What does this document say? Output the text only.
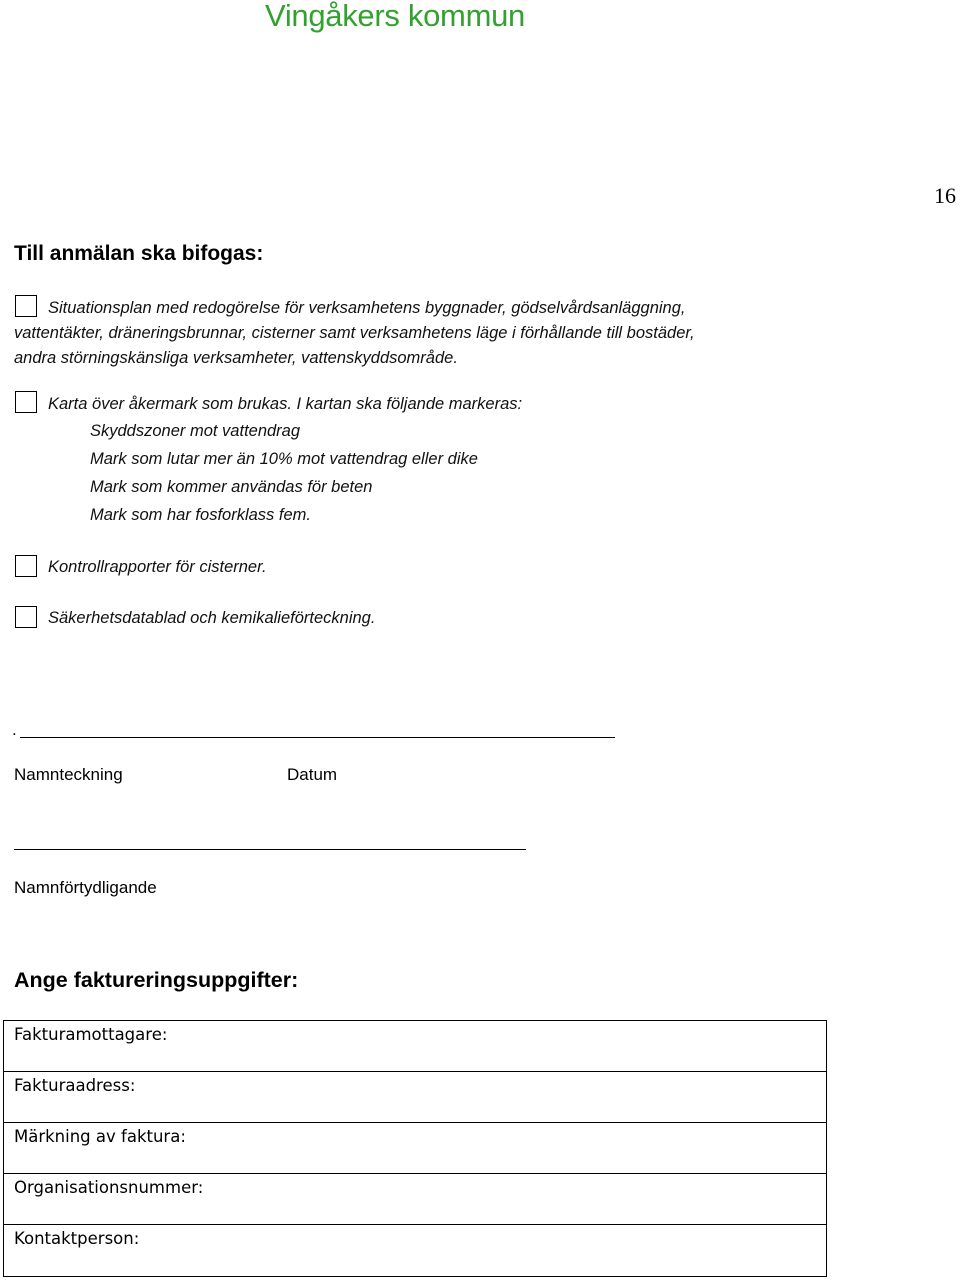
Vingåkers kommun
16
Till anmälan ska bifogas:
Situationsplan med redogörelse för verksamhetens byggnader, gödselvårdsanläggning,
vattentäkter, dräneringsbrunnar, cisterner samt verksamhetens läge i förhållande till bostäder,
andra störningskänsliga verksamheter, vattenskyddsområde.
Karta över åkermark som brukas. I kartan ska följande markeras:
Skyddszoner mot vattendrag
Mark som lutar mer än 10% mot vattendrag eller dike
Mark som kommer användas för beten
Mark som har fosforklass fem.
Kontrollrapporter för cisterner.
Säkerhetsdatablad och kemikalieförteckning.
.
Namnteckning	Datum
Namnförtydligande
Ange faktureringsuppgifter:
Fakturamottagare:
Fakturaadress:
Märkning av faktura:
Organisationsnummer:
Kontaktperson:
